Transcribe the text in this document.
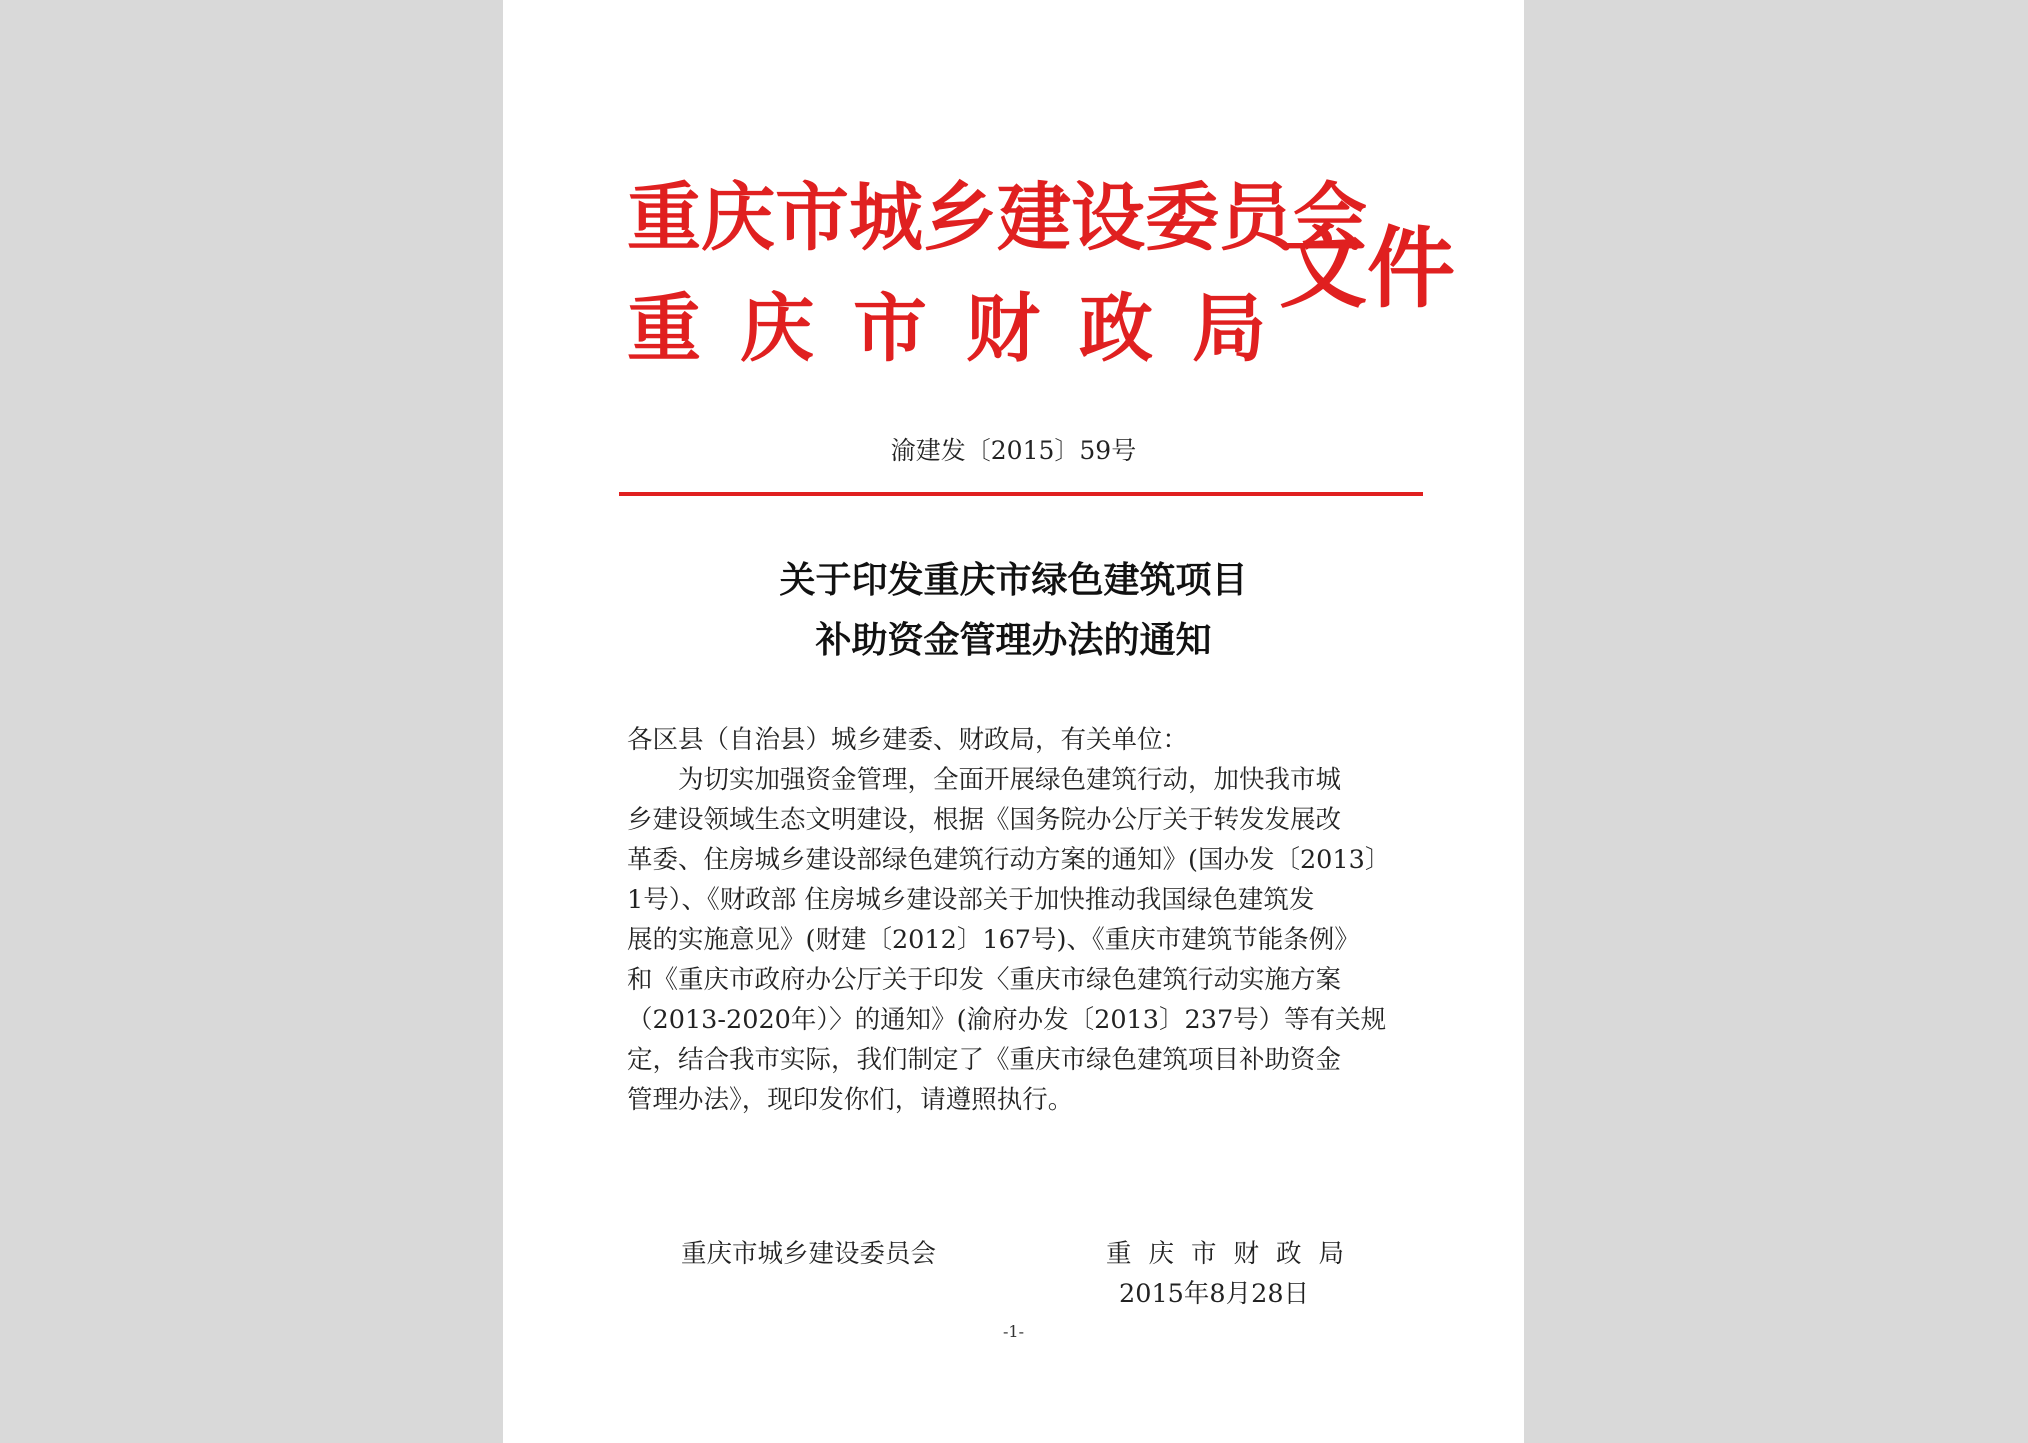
重庆市城乡建设委员会
重庆市财政局
文件
渝建发〔2015〕59号
关于印发重庆市绿色建筑项目
补助资金管理办法的通知
各区县（自治县）城乡建委、财政局，有关单位：
　　为切实加强资金管理，全面开展绿色建筑行动，加快我市城
乡建设领域生态文明建设，根据《国务院办公厅关于转发发展改
革委、住房城乡建设部绿色建筑行动方案的通知》(国办发〔2013〕
1号）、《财政部 住房城乡建设部关于加快推动我国绿色建筑发
展的实施意见》(财建〔2012〕167号)、《重庆市建筑节能条例》
和《重庆市政府办公厅关于印发〈重庆市绿色建筑行动实施方案
（2013-2020年）〉的通知》(渝府办发〔2013〕237号）等有关规
定，结合我市实际，我们制定了《重庆市绿色建筑项目补助资金
管理办法》，现印发你们，请遵照执行。
重庆市城乡建设委员会	重庆市财政局
2015年8月28日
-1-
